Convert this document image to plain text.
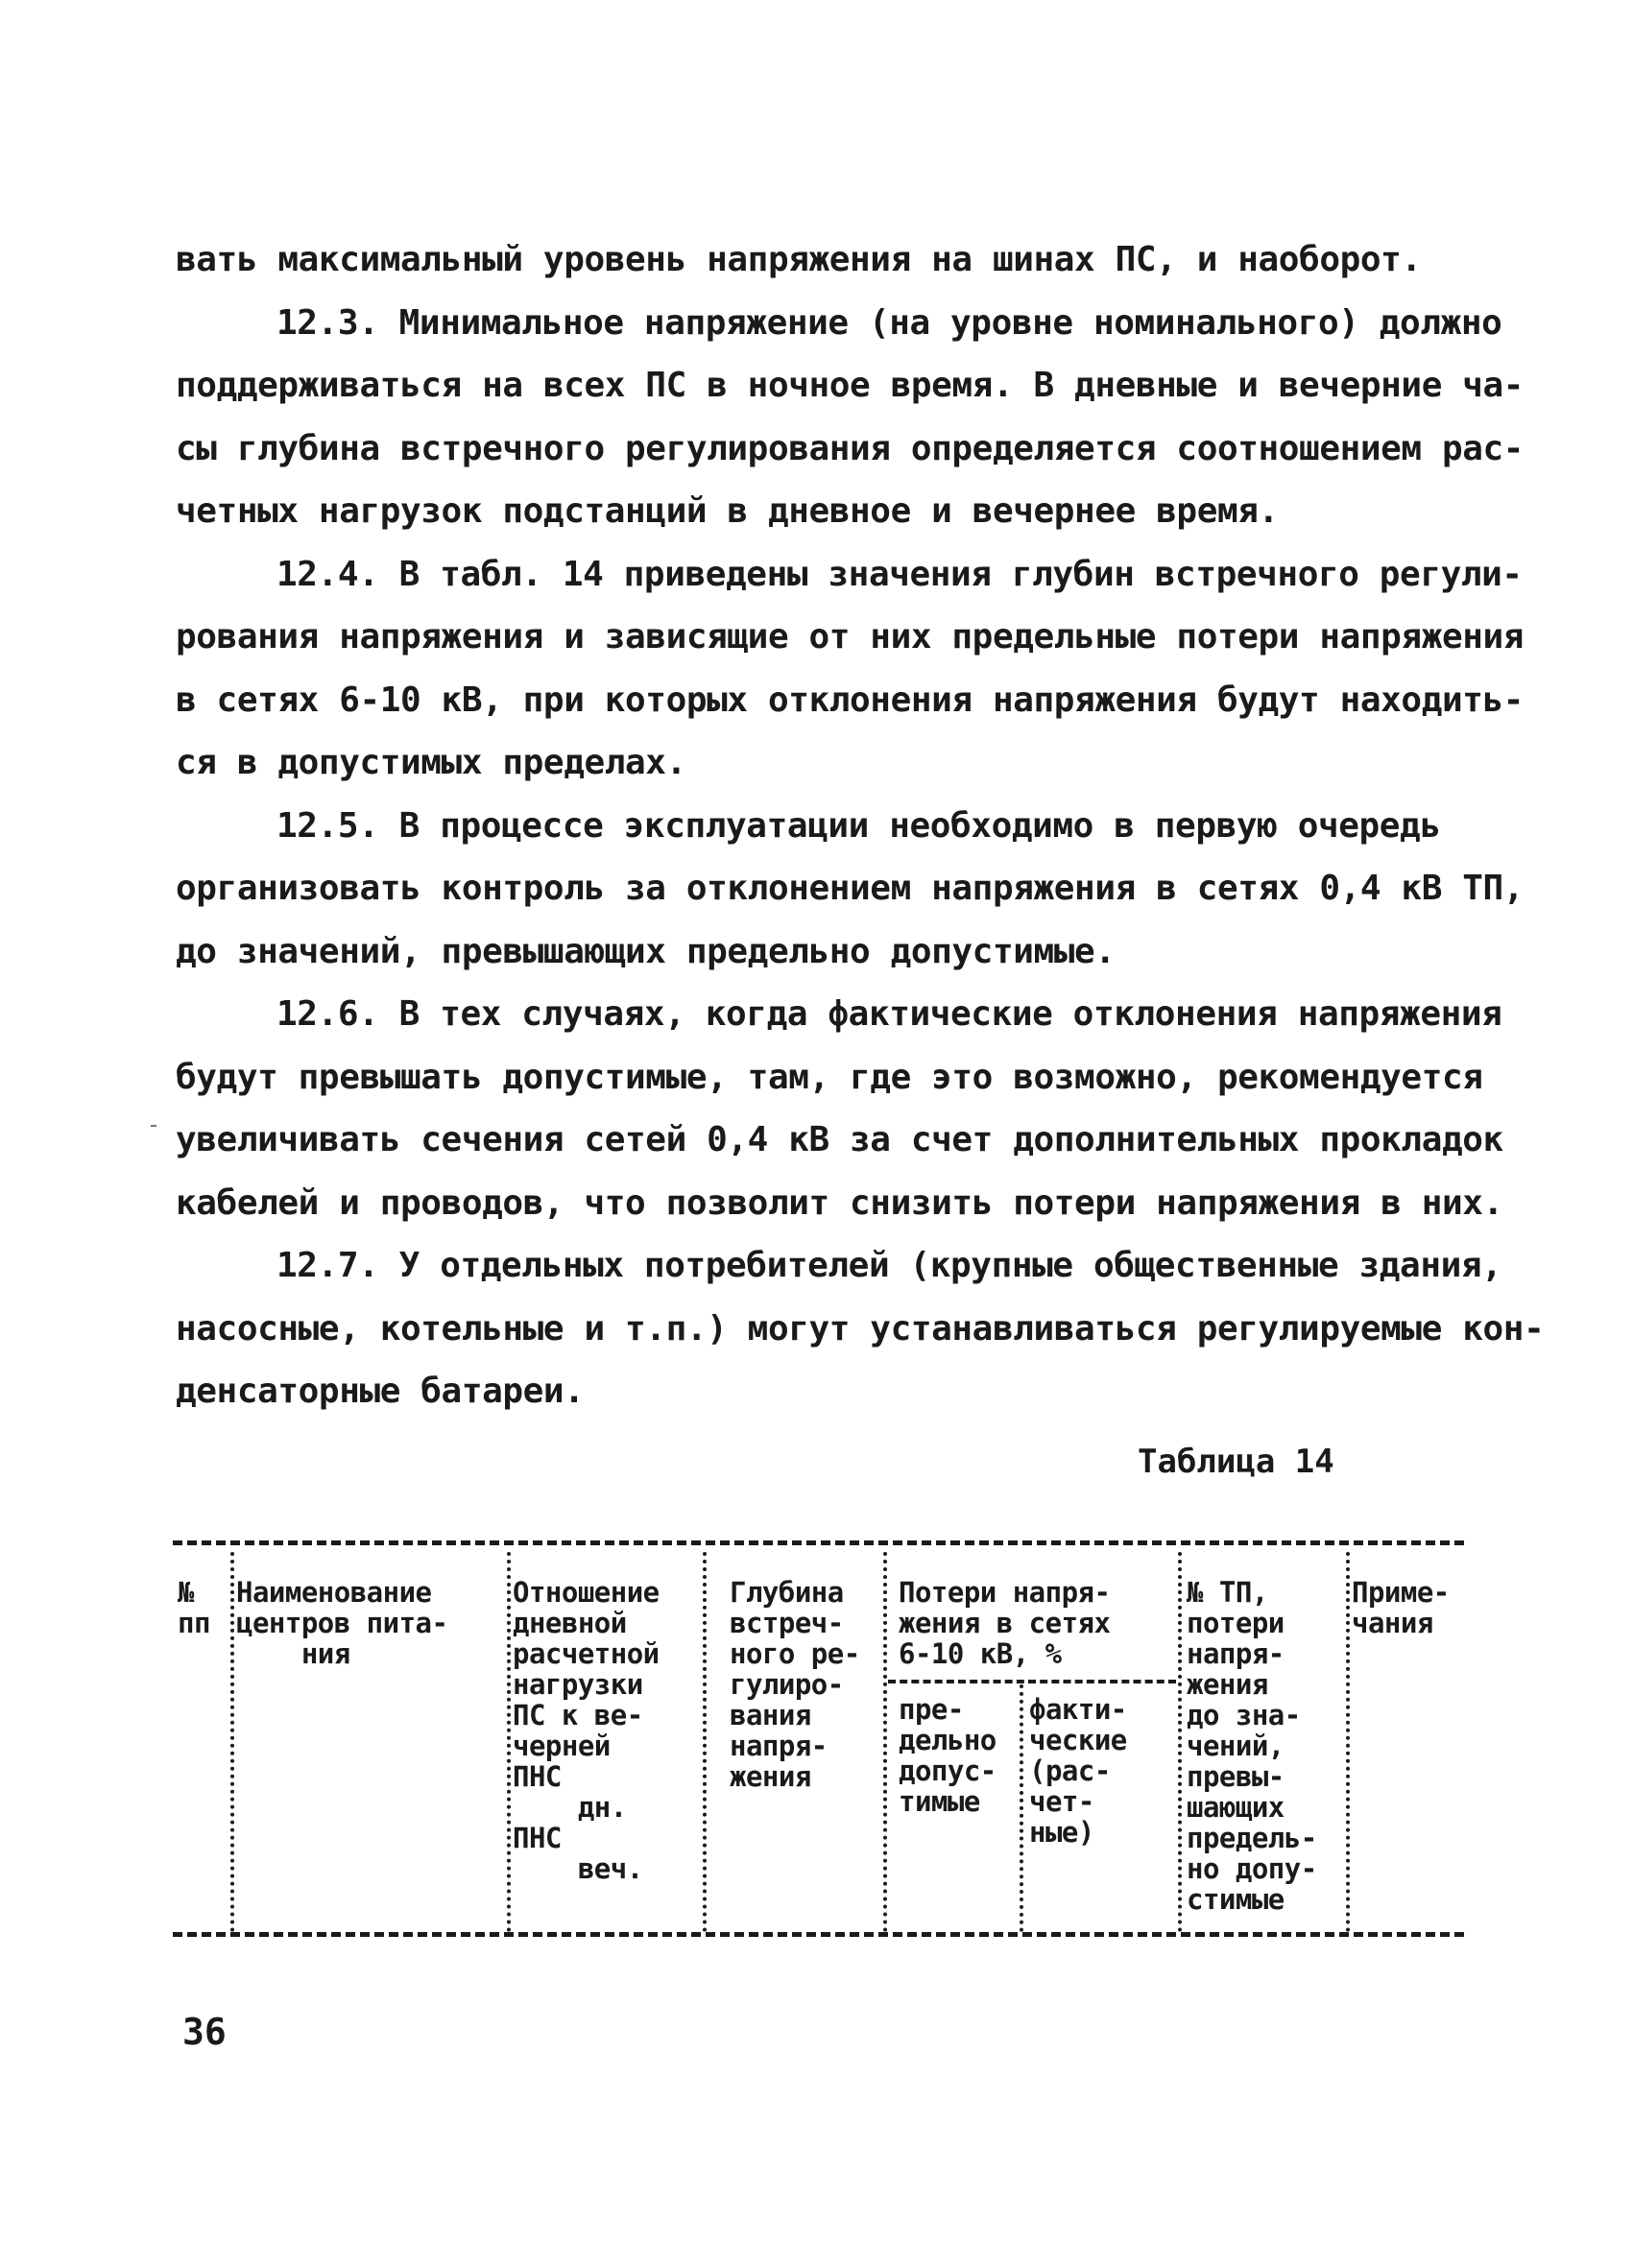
вать максимальный уровень напряжения на шинах ПС, и наоборот.
12.3. Минимальное напряжение (на уровне номинального) должно
поддерживаться на всех ПС в ночное время. В дневные и вечерние ча-
сы глубина встречного регулирования определяется соотношением рас-
четных нагрузок подстанций в дневное и вечернее время.
12.4. В табл. 14 приведены значения глубин встречного регули-
рования напряжения и зависящие от них предельные потери напряжения
в сетях 6-10 кВ, при которых отклонения напряжения будут находить-
ся в допустимых пределах.
12.5. В процессе эксплуатации необходимо в первую очередь
организовать контроль за отклонением напряжения в сетях 0,4 кВ ТП,
до значений, превышающих предельно допустимые.
12.6. В тех случаях, когда фактические отклонения напряжения
будут превышать допустимые, там, где это возможно, рекомендуется
увеличивать сечения сетей 0,4 кВ за счет дополнительных прокладок
кабелей и проводов, что позволит снизить потери напряжения в них.
12.7. У отдельных потребителей (крупные общественные здания,
насосные, котельные и т.п.) могут устанавливаться регулируемые кон-
денсаторные батареи.
Таблица 14
№
пп
Наименование
центров пита-
ния
Отношение
дневной
расчетной
нагрузки
ПС к ве-
черней
ПНС
дн.
ПНС
веч.
Глубина
встреч-
ного ре-
гулиро-
вания
напря-
жения
Потери напря-
жения в сетях
6-10 кВ, %
пре-
дельно
допус-
тимые
факти-
ческие
(рас-
чет-
ные)
№ ТП,
потери
напря-
жения
до зна-
чений,
превы-
шающих
предель-
но допу-
стимые
Приме-
чания
36
